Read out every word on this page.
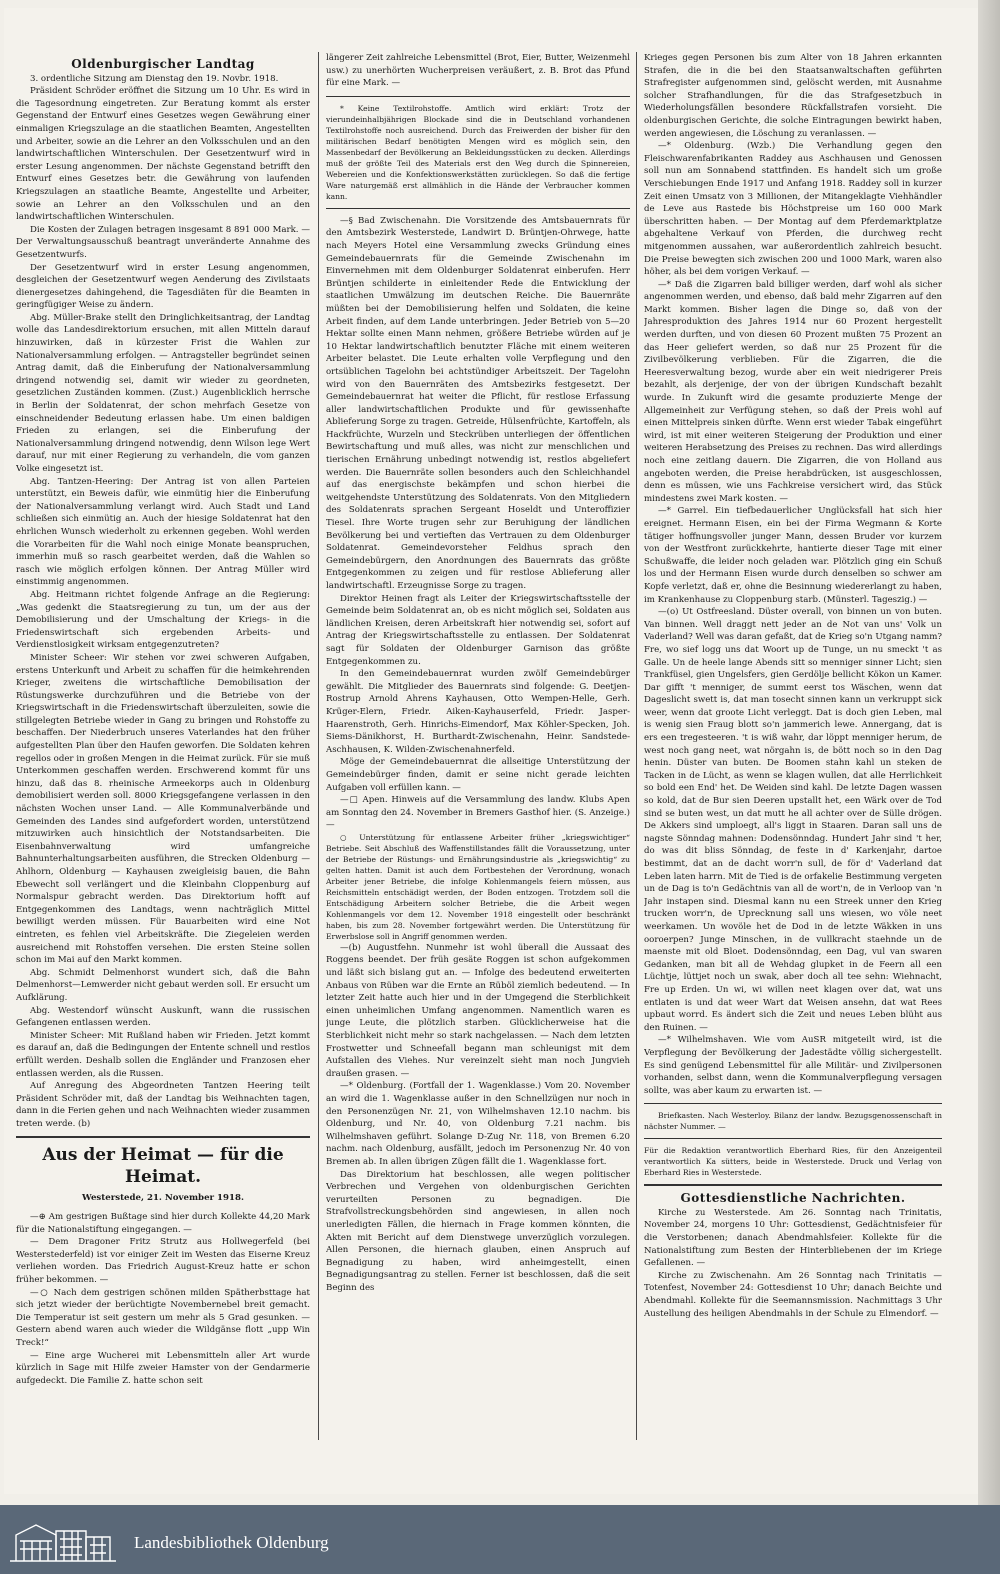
Oldenburgischer Landtag

3. ordentliche Sitzung am Dienstag den 19. Novbr. 1918.

Präsident Schröder eröffnet die Sitzung um 10 Uhr. Es wird in die Tagesordnung eingetreten. Zur Beratung kommt als erster Gegenstand der Entwurf eines Gesetzes wegen Gewährung einer einmaligen Kriegszulage an die staatlichen Beamten, Angestellten und Arbeiter, sowie an die Lehrer an den Volksschulen und an den landwirtschaftlichen Winterschulen. Der Gesetzentwurf wird in erster Lesung angenommen. Der nächste Gegenstand betrifft den Entwurf eines Gesetzes betr. die Gewährung von laufenden Kriegszulagen an staatliche Beamte, Angestellte und Arbeiter, sowie an Lehrer an den Volksschulen und an den landwirtschaftlichen Winterschulen.

Die Kosten der Zulagen betragen insgesamt 8 891 000 Mark. — Der Verwaltungsausschuß beantragt unveränderte Annahme des Gesetzentwurfs.

Der Gesetzentwurf wird in erster Lesung angenommen, desgleichen der Gesetzentwurf wegen Aenderung des Zivilstaats dienergesetzes dahingehend, die Tagesdiäten für die Beamten in geringfügiger Weise zu ändern.

Abg. Müller-Brake stellt den Dringlichkeitsantrag, der Landtag wolle das Landesdirektorium ersuchen, mit allen Mitteln darauf hinzuwirken, daß in kürzester Frist die Wahlen zur Nationalversammlung erfolgen. — Antragsteller begründet seinen Antrag damit, daß die Einberufung der Nationalversammlung dringend notwendig sei, damit wir wieder zu geordneten, gesetzlichen Zuständen kommen. (Zust.) Augenblicklich herrsche in Berlin der Soldatenrat, der schon mehrfach Gesetze von einschneidender Bedeutung erlassen habe. Um einen baldigen Frieden zu erlangen, sei die Einberufung der Nationalversammlung dringend notwendig, denn Wilson lege Wert darauf, nur mit einer Regierung zu verhandeln, die vom ganzen Volke eingesetzt ist.

Abg. Tantzen-Heering: Der Antrag ist von allen Parteien unterstützt, ein Beweis dafür, wie einmütig hier die Einberufung der Nationalversammlung verlangt wird. Auch Stadt und Land schließen sich einmütig an. Auch der hiesige Soldatenrat hat den ehrlichen Wunsch wiederholt zu erkennen gegeben. Wohl werden die Vorarbeiten für die Wahl noch einige Monate beanspruchen, immerhin muß so rasch gearbeitet werden, daß die Wahlen so rasch wie möglich erfolgen können. Der Antrag Müller wird einstimmig angenommen.

Abg. Heitmann richtet folgende Anfrage an die Regierung: „Was gedenkt die Staatsregierung zu tun, um der aus der Demobilisierung und der Umschaltung der Kriegs- in die Friedenswirtschaft sich ergebenden Arbeits- und Verdienstlosigkeit wirksam entgegenzutreten?

Minister Scheer: Wir stehen vor zwei schweren Aufgaben, erstens Unterkunft und Arbeit zu schaffen für die heimkehrenden Krieger, zweitens die wirtschaftliche Demobilisation der Rüstungswerke durchzuführen und die Betriebe von der Kriegswirtschaft in die Friedenswirtschaft überzuleiten, sowie die stillgelegten Betriebe wieder in Gang zu bringen und Rohstoffe zu beschaffen. Der Niederbruch unseres Vaterlandes hat den früher aufgestellten Plan über den Haufen geworfen. Die Soldaten kehren regellos oder in großen Mengen in die Heimat zurück. Für sie muß Unterkommen geschaffen werden. Erschwerend kommt für uns hinzu, daß das 8. rheinische Armeekorps auch in Oldenburg demobilisiert werden soll. 8000 Kriegsgefangene verlassen in den nächsten Wochen unser Land. — Alle Kommunalverbände und Gemeinden des Landes sind aufgefordert worden, unterstützend mitzuwirken auch hinsichtlich der Notstandsarbeiten. Die Eisenbahnverwaltung wird umfangreiche Bahnunterhaltungsarbeiten ausführen, die Strecken Oldenburg — Ahlhorn, Oldenburg — Kayhausen zweigleisig bauen, die Bahn Ebewecht soll verlängert und die Kleinbahn Cloppenburg auf Normalspur gebracht werden. Das Direktorium hofft auf Entgegenkommen des Landtags, wenn nachträglich Mittel bewilligt werden müssen. Für Bauarbeiten wird eine Not eintreten, es fehlen viel Arbeitskräfte. Die Ziegeleien werden ausreichend mit Rohstoffen versehen. Die ersten Steine sollen schon im Mai auf den Markt kommen.

Abg. Schmidt Delmenhorst wundert sich, daß die Bahn Delmenhorst—Lemwerder nicht gebaut werden soll. Er ersucht um Aufklärung.

Abg. Westendorf wünscht Auskunft, wann die russischen Gefangenen entlassen werden.

Minister Scheer: Mit Rußland haben wir Frieden. Jetzt kommt es darauf an, daß die Bedingungen der Entente schnell und restlos erfüllt werden. Deshalb sollen die Engländer und Franzosen eher entlassen werden, als die Russen.

Auf Anregung des Abgeordneten Tantzen Heering teilt Präsident Schröder mit, daß der Landtag bis Weihnachten tagen, dann in die Ferien gehen und nach Weihnachten wieder zusammen treten werde. (b)

Aus der Heimat — für die Heimat.
Westerstede, 21. November 1918.

—⊕ Am gestrigen Bußtage sind hier durch Kollekte 44,20 Mark für die Nationalstiftung eingegangen. —

— Dem Dragoner Fritz Strutz aus Hollwegerfeld (bei Westerstederfeld) ist vor einiger Zeit im Westen das Eiserne Kreuz verliehen worden. Das Friedrich August-Kreuz hatte er schon früher bekommen. —

—○ Nach dem gestrigen schönen milden Spätherbsttage hat sich jetzt wieder der berüchtigte Novembernebel breit gemacht. Die Temperatur ist seit gestern um mehr als 5 Grad gesunken. — Gestern abend waren auch wieder die Wildgänse flott „upp Win Treck!“

— Eine arge Wucherei mit Lebensmitteln aller Art wurde kürzlich in Sage mit Hilfe zweier Hamster von der Gendarmerie aufgedeckt. Die Familie Z. hatte schon seit

längerer Zeit zahlreiche Lebensmittel (Brot, Eier, Butter, Weizenmehl usw.) zu unerhörten Wucherpreisen veräußert, z. B. Brot das Pfund für eine Mark. —

* Keine Textilrohstoffe. Amtlich wird erklärt: Trotz der vierundeinhalbjährigen Blockade sind die in Deutschland vorhandenen Textilrohstoffe noch ausreichend. Durch das Freiwerden der bisher für den militärischen Bedarf benötigten Mengen wird es möglich sein, den Massenbedarf der Bevölkerung an Bekleidungsstücken zu decken. Allerdings muß der größte Teil des Materials erst den Weg durch die Spinnereien, Webereien und die Konfektionswerkstätten zurücklegen. So daß die fertige Ware naturgemäß erst allmählich in die Hände der Verbraucher kommen kann.

—§ Bad Zwischenahn. Die Vorsitzende des Amtsbauernrats für den Amtsbezirk Westerstede, Landwirt D. Brüntjen-Ohrwege, hatte nach Meyers Hotel eine Versammlung zwecks Gründung eines Gemeindebauernrats für die Gemeinde Zwischenahn im Einvernehmen mit dem Oldenburger Soldatenrat einberufen. Herr Brüntjen schilderte in einleitender Rede die Entwicklung der staatlichen Umwälzung im deutschen Reiche. Die Bauernräte müßten bei der Demobilisierung helfen und Soldaten, die keine Arbeit finden, auf dem Lande unterbringen. Jeder Betrieb von 5—20 Hektar sollte einen Mann nehmen, größere Betriebe würden auf je 10 Hektar landwirtschaftlich benutzter Fläche mit einem weiteren Arbeiter belastet. Die Leute erhalten volle Verpflegung und den ortsüblichen Tagelohn bei achtstündiger Arbeitszeit. Der Tagelohn wird von den Bauernräten des Amtsbezirks festgesetzt. Der Gemeindebauernrat hat weiter die Pflicht, für restlose Erfassung aller landwirtschaftlichen Produkte und für gewissenhafte Ablieferung Sorge zu tragen. Getreide, Hülsenfrüchte, Kartoffeln, als Hackfrüchte, Wurzeln und Steckrüben unterliegen der öffentlichen Bewirtschaftung und muß alles, was nicht zur menschlichen und tierischen Ernährung unbedingt notwendig ist, restlos abgeliefert werden. Die Bauernräte sollen besonders auch den Schleichhandel auf das energischste bekämpfen und schon hierbei die weitgehendste Unterstützung des Soldatenrats. Von den Mitgliedern des Soldatenrats sprachen Sergeant Hoseldt und Unteroffizier Tiesel. Ihre Worte trugen sehr zur Beruhigung der ländlichen Bevölkerung bei und vertieften das Vertrauen zu dem Oldenburger Soldatenrat. Gemeindevorsteher Feldhus sprach den Gemeindebürgern, den Anordnungen des Bauernrats das größte Entgegenkommen zu zeigen und für restlose Ablieferung aller landwirtschaftl. Erzeugnisse Sorge zu tragen.

Direktor Heinen fragt als Leiter der Kriegswirtschaftsstelle der Gemeinde beim Soldatenrat an, ob es nicht möglich sei, Soldaten aus ländlichen Kreisen, deren Arbeitskraft hier notwendig sei, sofort auf Antrag der Kriegswirtschaftsstelle zu entlassen. Der Soldatenrat sagt für Soldaten der Oldenburger Garnison das größte Entgegenkommen zu.

In den Gemeindebauernrat wurden zwölf Gemeindebürger gewählt. Die Mitglieder des Bauernrats sind folgende: G. Deetjen-Rostrup Arnold Ahrens Kayhausen, Otto Wempen-Helle, Gerh. Krüger-Elern, Friedr. Aiken-Kayhauserfeld, Friedr. Jasper-Haarenstroth, Gerh. Hinrichs-Eimendorf, Max Köhler-Specken, Joh. Siems-Dänikhorst, H. Burthardt-Zwischenahn, Heinr. Sandstede-Aschhausen, K. Wilden-Zwischenahnerfeld.

Möge der Gemeindebauernrat die allseitige Unterstützung der Gemeindebürger finden, damit er seine nicht gerade leichten Aufgaben voll erfüllen kann. —

—□ Apen. Hinweis auf die Versammlung des landw. Klubs Apen am Sonntag den 24. November in Bremers Gasthof hier. (S. Anzeige.) —

○ Unterstützung für entlassene Arbeiter früher „kriegswichtiger“ Betriebe. Seit Abschluß des Waffenstillstandes fällt die Voraussetzung, unter der Betriebe der Rüstungs- und Ernährungsindustrie als „kriegswichtig“ zu gelten hatten. Damit ist auch dem Fortbestehen der Verordnung, wonach Arbeiter jener Betriebe, die infolge Kohlenmangels feiern müssen, aus Reichsmitteln entschädigt werden, der Boden entzogen. Trotzdem soll die Entschädigung Arbeitern solcher Betriebe, die die Arbeit wegen Kohlenmangels vor dem 12. November 1918 eingestellt oder beschränkt haben, bis zum 28. November fortgewährt werden. Die Unterstützung für Erwerbslose soll in Angriff genommen werden.

—(b) Augustfehn. Nunmehr ist wohl überall die Aussaat des Roggens beendet. Der früh gesäte Roggen ist schon aufgekommen und läßt sich bislang gut an. — Infolge des bedeutend erweiterten Anbaus von Rüben war die Ernte an Rüböl ziemlich bedeutend. — In letzter Zeit hatte auch hier und in der Umgegend die Sterblichkeit einen unheimlichen Umfang angenommen. Namentlich waren es junge Leute, die plötzlich starben. Glücklicherweise hat die Sterblichkeit nicht mehr so stark nachgelassen. — Nach dem letzten Frostwetter und Schneefall begann man schleunigst mit dem Aufstallen des Viehes. Nur vereinzelt sieht man noch Jungvieh draußen grasen. —

—* Oldenburg. (Fortfall der 1. Wagenklasse.) Vom 20. November an wird die 1. Wagenklasse außer in den Schnellzügen nur noch in den Personenzügen Nr. 21, von Wilhelmshaven 12.10 nachm. bis Oldenburg, und Nr. 40, von Oldenburg 7.21 nachm. bis Wilhelmshaven geführt. Solange D-Zug Nr. 118, von Bremen 6.20 nachm. nach Oldenburg, ausfällt, jedoch im Personenzug Nr. 40 von Bremen ab. In allen übrigen Zügen fällt die 1. Wagenklasse fort.

Das Direktorium hat beschlossen, alle wegen politischer Verbrechen und Vergehen von oldenburgischen Gerichten verurteilten Personen zu begnadigen. Die Strafvollstreckungsbehörden sind angewiesen, in allen noch unerledigten Fällen, die hiernach in Frage kommen könnten, die Akten mit Bericht auf dem Dienstwege unverzüglich vorzulegen. Allen Personen, die hiernach glauben, einen Anspruch auf Begnadigung zu haben, wird anheimgestellt, einen Begnadigungsantrag zu stellen. Ferner ist beschlossen, daß die seit Beginn des

Krieges gegen Personen bis zum Alter von 18 Jahren erkannten Strafen, die in die bei den Staatsanwaltschaften geführten Strafregister aufgenommen sind, gelöscht werden, mit Ausnahme solcher Strafhandlungen, für die das Strafgesetzbuch in Wiederholungsfällen besondere Rückfallstrafen vorsieht. Die oldenburgischen Gerichte, die solche Eintragungen bewirkt haben, werden angewiesen, die Löschung zu veranlassen. —

—* Oldenburg. (Wzb.) Die Verhandlung gegen den Fleischwarenfabrikanten Raddey aus Aschhausen und Genossen soll nun am Sonnabend stattfinden. Es handelt sich um große Verschiebungen Ende 1917 und Anfang 1918. Raddey soll in kurzer Zeit einen Umsatz von 3 Millionen, der Mitangeklagte Viehhändler de Leve aus Rastede bis Höchstpreise um 160 000 Mark überschritten haben. — Der Montag auf dem Pferdemarktplatze abgehaltene Verkauf von Pferden, die durchweg recht mitgenommen aussahen, war außerordentlich zahlreich besucht. Die Preise bewegten sich zwischen 200 und 1000 Mark, waren also höher, als bei dem vorigen Verkauf. —

—* Daß die Zigarren bald billiger werden, darf wohl als sicher angenommen werden, und ebenso, daß bald mehr Zigarren auf den Markt kommen. Bisher lagen die Dinge so, daß von der Jahresproduktion des Jahres 1914 nur 60 Prozent hergestellt werden durften, und von diesen 60 Prozent mußten 75 Prozent an das Heer geliefert werden, so daß nur 25 Prozent für die Zivilbevölkerung verblieben. Für die Zigarren, die die Heeresverwaltung bezog, wurde aber ein weit niedrigerer Preis bezahlt, als derjenige, der von der übrigen Kundschaft bezahlt wurde. In Zukunft wird die gesamte produzierte Menge der Allgemeinheit zur Verfügung stehen, so daß der Preis wohl auf einen Mittelpreis sinken dürfte. Wenn erst wieder Tabak eingeführt wird, ist mit einer weiteren Steigerung der Produktion und einer weiteren Herabsetzung des Preises zu rechnen. Das wird allerdings noch eine zeitlang dauern. Die Zigarren, die von Holland aus angeboten werden, die Preise herabdrücken, ist ausgeschlossen, denn es müssen, wie uns Fachkreise versichert wird, das Stück mindestens zwei Mark kosten. —

—* Garrel. Ein tiefbedauerlicher Unglücksfall hat sich hier ereignet. Hermann Eisen, ein bei der Firma Wegmann & Korte tätiger hoffnungsvoller junger Mann, dessen Bruder vor kurzem von der Westfront zurückkehrte, hantierte dieser Tage mit einer Schußwaffe, die leider noch geladen war. Plötzlich ging ein Schuß los und der Hermann Eisen wurde durch denselben so schwer am Kopfe verletzt, daß er, ohne die Besinnung wiedererlangt zu haben, im Krankenhause zu Cloppenburg starb. (Münsterl. Tageszig.) —

—(o) Ut Ostfreesland. Düster overall, von binnen un von buten. Van binnen. Well draggt nett jeder an de Not van uns' Volk un Vaderland? Well was daran gefaßt, dat de Krieg so'n Utgang namm? Fre, wo sief logg uns dat Woort up de Tunge, un nu smeckt 't as Galle. Un de heele lange Abends sitt so menniger sinner Licht; sien Trankfüsel, gien Ungelsfers, gien Gerdölje bellicht Kökon un Kamer. Dar gifft 't menniger, de summt eerst tos Wäschen, wenn dat Dageslicht swett is, dat man tosecht sinnen kann un verkruppt sick weer, wenn dat groote Licht verleggt. Dat is doch gien Leben, mal is wenig sien Fraug blott so'n jammerich lewe. Annergang, dat is ers een tregesteeren. 't is wiß wahr, dar löppt menniger herum, de west noch gang neet, wat nörgahn is, de bött noch so in den Dag henin. Düster van buten. De Boomen stahn kahl un steken de Tacken in de Lücht, as wenn se klagen wullen, dat alle Herrlichkeit so bold een End' het. De Weiden sind kahl. De letzte Dagen wassen so kold, dat de Bur sien Deeren upstallt het, een Wärk over de Tod sind se buten west, un dat mutt he all achter over de Sülle drögen. De Akkers sind umploegt, all's liggt in Staaren. Daran sall uns de nagste Sönndag mahnen: Dodensönndag. Hundert Jahr sind 't her, do was dit bliss Sönndag, de feste in d' Karkenjahr, dartoe bestimmt, dat an de dacht worr'n sull, de för d' Vaderland dat Leben laten harrn. Mit de Tied is de orfakelie Bestimmung vergeten un de Dag is to'n Gedächtnis van all de wort'n, de in Verloop van 'n Jahr instapen sind. Diesmal kann nu een Streek unner den Krieg trucken worr'n, de Uprecknung sall uns wiesen, wo völe neet weerkamen. Un wovöle het de Dod in de letzte Wäkken in uns ooroerpen? Junge Minschen, in de vullkracht staehnde un de maenste mit old Bloet. Dodensönndag, een Dag, vul van swaren Gedanken, man bit all de Wehdag glupket in de Feern all een Lüchtje, lüttjet noch un swak, aber doch all tee sehn: Wiehnacht, Fre up Erden. Un wi, wi willen neet klagen over dat, wat uns entlaten is und dat weer Wart dat Weisen ansehn, dat wat Rees upbaut worrd. Es ändert sich die Zeit und neues Leben blüht aus den Ruinen. —

—* Wilhelmshaven. Wie vom AuSR mitgeteilt wird, ist die Verpflegung der Bevölkerung der Jadestädte völlig sichergestellt. Es sind genügend Lebensmittel für alle Militär- und Zivilpersonen vorhanden, selbst dann, wenn die Kommunalverpflegung versagen sollte, was aber kaum zu erwarten ist. —

Briefkasten. Nach Westerloy. Bilanz der landw. Bezugsgenossenschaft in nächster Nummer. —

Für die Redaktion verantwortlich Eberhard Ries, für den Anzeigenteil verantwortlich Ka sütters, beide in Westerstede. Druck und Verlag von Eberhard Ries in Westerstede.

Gottesdienstliche Nachrichten.

Kirche zu Westerstede. Am 26. Sonntag nach Trinitatis, November 24, morgens 10 Uhr: Gottesdienst, Gedächtnisfeier für die Verstorbenen; danach Abendmahlsfeier. Kollekte für die Nationalstiftung zum Besten der Hinterbliebenen der im Kriege Gefallenen. —

Kirche zu Zwischenahn. Am 26 Sonntag nach Trinitatis — Totenfest, November 24: Gottesdienst 10 Uhr; danach Beichte und Abendmahl. Kollekte für die Seemannsmission. Nachmittags 3 Uhr Austellung des heiligen Abendmahls in der Schule zu Elmendorf. —

Landesbibliothek Oldenburg
